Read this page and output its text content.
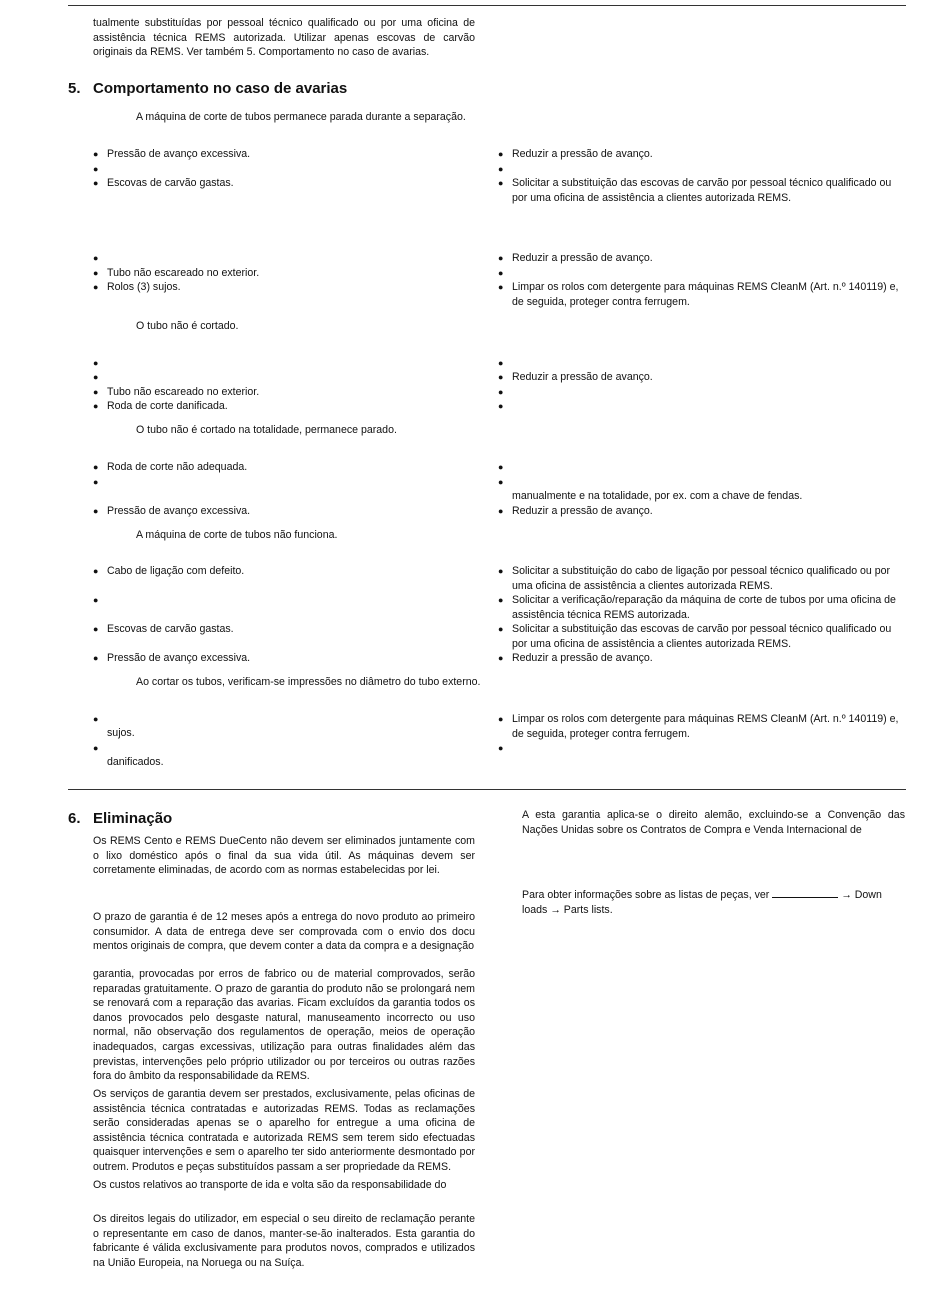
tualmente substituídas por pessoal técnico qualificado ou por uma oficina de assistência técnica REMS autorizada. Utilizar apenas escovas de carvão originais da REMS. Ver também 5. Comportamento no caso de avarias.
5. Comportamento no caso de avarias
A máquina de corte de tubos permanece parada durante a separação.
●
Pressão de avanço excessiva.
●
●
Escovas de carvão gastas.
●
Reduzir a pressão de avanço.
●
●
Solicitar a substituição das escovas de carvão por pessoal técnico qualificado ou por uma oficina de assistência a clientes autorizada REMS.
●
●
Tubo não escareado no exterior.
●
Rolos (3) sujos.
●
Reduzir a pressão de avanço.
●
●
Limpar os rolos com detergente para máquinas REMS CleanM (Art. n.º 140119) e, de seguida, proteger contra ferrugem.
O tubo não é cortado.
●
●
●
Tubo não escareado no exterior.
●
Roda de corte danificada.
●
●
Reduzir a pressão de avanço.
●
●
O tubo não é cortado na totalidade, permanece parado.
●
Roda de corte não adequada.
●
●
Pressão de avanço excessiva.
●
●
manualmente e na totalidade, por ex. com a chave de fendas.
●
Reduzir a pressão de avanço.
A máquina de corte de tubos não funciona.
●
Cabo de ligação com defeito.
●
●
Escovas de carvão gastas.
●
Pressão de avanço excessiva.
●
Solicitar a substituição do cabo de ligação por pessoal técnico qualificado ou por uma oficina de assistência a clientes autorizada REMS.
●
Solicitar a verificação/reparação da máquina de corte de tubos por uma oficina de assistência técnica REMS autorizada.
●
Solicitar a substituição das escovas de carvão por pessoal técnico qualificado ou por uma oficina de assistência a clientes autorizada REMS.
●
Reduzir a pressão de avanço.
Ao cortar os tubos, verificam-se impressões no diâmetro do tubo externo.
●
sujos.
●
danificados.
●
Limpar os rolos com detergente para máquinas REMS CleanM (Art. n.º 140119) e, de seguida, proteger contra ferrugem.
●
6. Eliminação
Os REMS Cento e REMS DueCento não devem ser eliminados juntamente com o lixo doméstico após o final da sua vida útil. As máquinas devem ser corretamente eliminadas, de acordo com as normas estabelecidas por lei.
O prazo de garantia é de 12 meses após a entrega do novo produto ao primeiro consumidor. A data de entrega deve ser comprovada com o envio dos docu mentos originais de compra, que devem conter a data da compra e a designação
garantia, provocadas por erros de fabrico ou de material comprovados, serão reparadas gratuitamente. O prazo de garantia do produto não se prolongará nem se renovará com a reparação das avarias. Ficam excluídos da garantia todos os danos provocados pelo desgaste natural, manuseamento incorrecto ou uso normal, não observação dos regulamentos de operação, meios de operação inadequados, cargas excessivas, utilização para outras finalidades além das previstas, intervenções pelo próprio utilizador ou por terceiros ou outras razões fora do âmbito da responsabilidade da REMS.
Os serviços de garantia devem ser prestados, exclusivamente, pelas oficinas de assistência técnica contratadas e autorizadas REMS. Todas as reclamações serão consideradas apenas se o aparelho for entregue a uma oficina de assistência técnica contratada e autorizada REMS sem terem sido efectuadas quaisquer intervenções e sem o aparelho ter sido anteriormente desmontado por outrem. Produtos e peças substituídos passam a ser propriedade da REMS.
Os custos relativos ao transporte de ida e volta são da responsabilidade do
Os direitos legais do utilizador, em especial o seu direito de reclamação perante o representante em caso de danos, manter-se-ão inalterados. Esta garantia do fabricante é válida exclusivamente para produtos novos, comprados e utilizados na União Europeia, na Noruega ou na Suíça.
A esta garantia aplica-se o direito alemão, excluindo-se a Convenção das Nações Unidas sobre os Contratos de Compra e Venda Internacional de
Para obter informações sobre as listas de peças, ver	→ Down loads → Parts lists.
